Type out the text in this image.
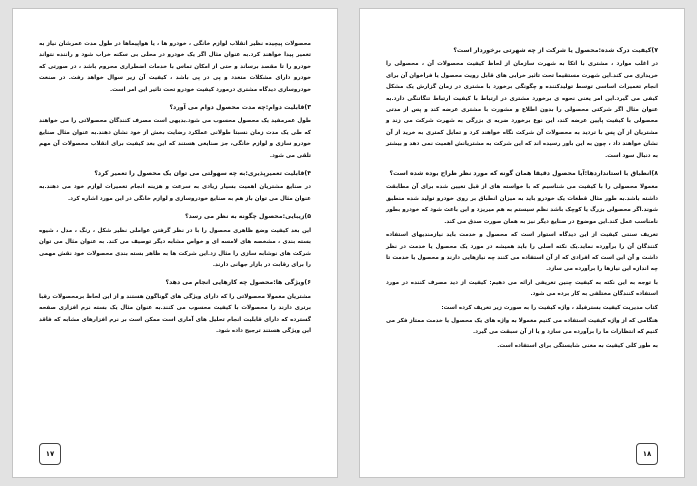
محصولات پیچیده نظیر انقلاب لوازم خانگی ، خودرو ها ، یا هواپیماها در طول مدت عمرشان نیاز به تعمیر پیدا خواهند کرد.به عنوان مثال اگر یک خودرو در محلی بی سکنه خراب شود و راننده نتواند خودرو را تا مقصد برساند و حتی از امکان تماس با خدمات اضطراری محروم باشد ، در صورتی که خودرو دارای مشکلات متعدد و پی در پی باشد ، کیفیت آن زیر سوال خواهد رفت. در صنعت خودروسازی دیدگاه مشتری درمورد کیفیت خودرو تحت تاثیر این امر است.
۳)قابلیت دوام:چه مدت محصول دوام می آورد؟
طول عمرمفید یک محصول محسوب می شود.بدیهی است مصرف کنندگان محصولاتی را می خواهند که طی یک مدت زمان نسبتا طولانی عملکرد رضایت بخش از خود نشان دهند.به عنوان مثال صنایع خودرو سازی و لوازم خانگی، جز صنایعی هستند که این بعد کیفیت برای انقلاب محصولات آن مهم تلقی می شود.
۴)قابلیت تعمیرپذیری:به چه سهولتی می توان یک محصول را تعمیر کرد؟
در صنایع مشتریان اهمیت بسیار زیادی به سرعت و هزینه انجام تعمیرات لوازم خود می دهند.به عنوان مثال می توان باز هم به صنایع خودروسازی و لوازم خانگی در این مورد اشاره کرد.
۵)زیبایی:محصول چگونه به نظر می رسد؟
این بعد کیفیت وضع ظاهری محصول را با در نظر گرفتن عواملی نظیر شکل ، رنگ ، مدل ، شیوه بسته بندی ، مشخصه های لامسه ای و خواص مشابه دیگر توصیف می کند. به عنوان مثال می توان شرکت های نوشابه سازی را مثال زد.این شرکت ها به ظاهر بسته بندی محصولات خود نقش مهمی را برای رقابت در بازار جهانی دارند.
۶)ویژگی ها:محصول چه کارهایی انجام می دهد؟
مشتریان معمولا محصولاتی را که دارای ویژگی های گوناگون هستند و از این لحاظ برمحصولات رقبا برتری دارند را محصولات با کیفیت محسوب می کنند.به عنوان مثال یک بسته نرم افزاری صفحه گسترده که دارای قابلیت انجام تحلیل های آماری است ممکن است بر نرم افزارهای مشابه که فاقد این ویژگی هستند ترجیح داده شود.
۱۷
۷)کیفیت درک شده:محصول یا شرکت از چه شهرتی برخوردار است؟
در اغلب موارد ، مشتری با اتکا به شهرت سازمان از لحاظ کیفیت محصولات آن ، محصولی را خریداری می کند.این شهرت مستقیما تحت تاثیر خرابی های قابل رویت محصول یا فراخوان آن برای انجام تعمیرات اساسی توسط تولیدکننده و چگونگی برخورد با مشتری در زمان گزارش یک مشکل کیفی می گیرد.این امر یعنی نحوه ی برخورد مشتری در ارتباط با کیفیت ارتباط تنگاتنگی دارد.به عنوان مثال اگر شرکتی محصولی را بدون اطلاع و مشورت با مشتری عرضه کند و پس از مدتی محصولی با کیفیت پایین عرضه کند، این نوع برخورد ضربه ی بزرگی به شهرت شرکت می زند و مشتریان از آن پس با تردید به محصولات آن شرکت نگاه خواهند کرد و تمایل کمتری به خرید از آن نشان خواهند داد ، چون به این باور رسیده اند که این شرکت به مشتریانش اهمیت نمی دهد و بیشتر به دنبال سود است.
۸)انطباق با استانداردها:آیا محصول دقیقا همان گونه که مورد نظر طراح بوده شده است؟
معمولا محصولی را با کیفیت می شناسیم که با خواسته های از قبل تعیین شده برای آن مطابقت داشته باشد.به طور مثال قطعات یک خودرو باید به میزان انطباق بر روی خودرو تولید شده منطبق شوند.اگر محصولی بزرگ یا کوچک باشد نظم سیستم به هم میریزد و این باعث شود که خودرو بطور نامناسب عمل کند.این موضوع در صنایع دیگر نیز به همان صورت صدق می کند.
تعریف سنتی کیفیت از این دیدگاه استوار است که محصول و خدمت باید نیازمندیهای استفاده کنندگان آن را برآورده نماید.یک نکته اصلی را باید همیشه در مورد یک محصول یا خدمت در نظر داشت و آن این است که افرادی که از آن استفاده می کنند چه نیازهایی دارند و محصول یا خدمت تا چه اندازه این نیازها را برآورده می سازد.
با توجه به این نکته به کیفیت چنین تعریفی ارائه می دهیم: کیفیت از دید مصرف کننده در مورد استفاده کنندگان مختلفی به کار برده می شود.
کتاب مدیریت کیفیت بسترفیلد ، واژه کیفیت را به صورت زیر تعریف کرده است:
هنگامی که از واژه کیفیت استفاده می کنیم معمولا به واژه های یک محصول یا خدمت ممتاز فکر می کنیم که انتظارات ما را برآورده می سازد و یا از آن سبقت می گیرد.
به طور کلی کیفیت به معنی شایستگی برای استفاده است.
۱۸
